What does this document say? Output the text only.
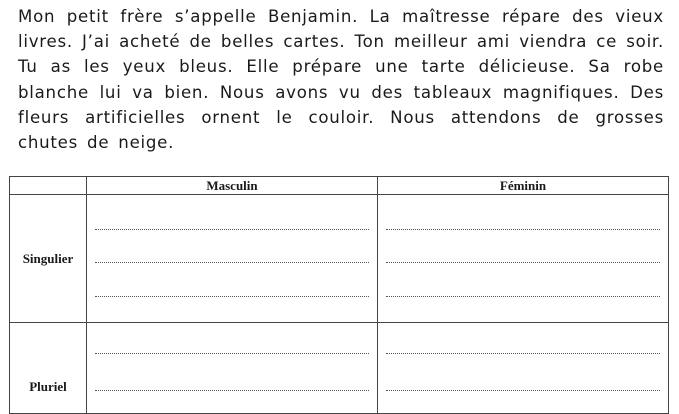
Mon petit frère s’appelle Benjamin. La maîtresse répare des vieux livres. J’ai acheté de belles cartes. Ton meilleur ami viendra ce soir. Tu as les yeux bleus. Elle prépare une tarte délicieuse. Sa robe blanche lui va bien. Nous avons vu des tableaux magnifiques. Des fleurs artificielles ornent le couloir. Nous attendons de grosses chutes de neige.
	Masculin	Féminin
Singulier	

Pluriel		
